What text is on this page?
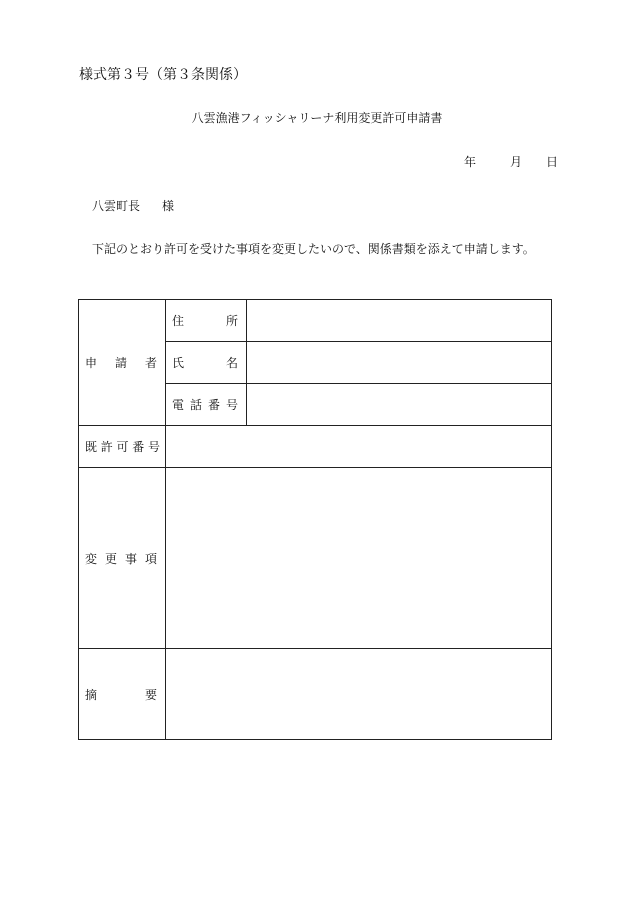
様式第３号（第３条関係）
八雲漁港フィッシャリーナ利用変更許可申請書
年	月 日
八雲町長 様
下記のとおり許可を受けた事項を変更したいので、関係書類を添えて申請します。
申 請 者	住 所	

	氏 名	

	電 話 番 号	

既 許 可 番 号		

変 更 事 項		

摘 要		
